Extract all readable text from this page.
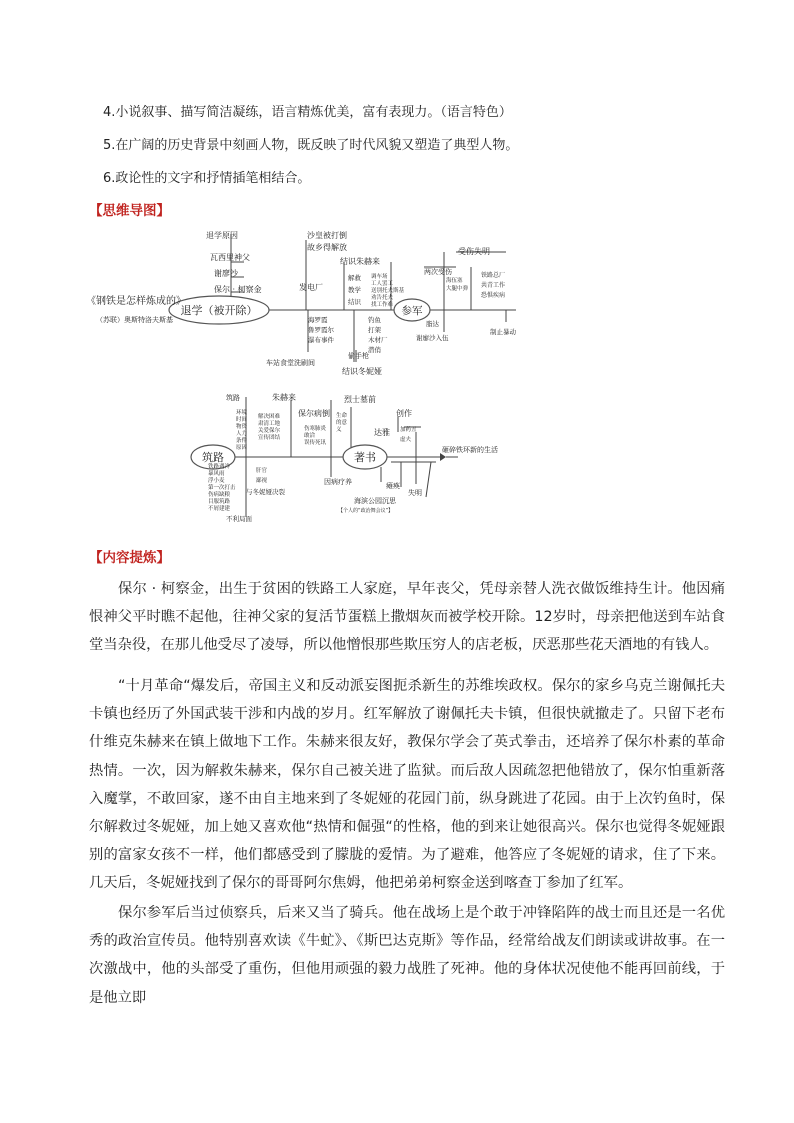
4.小说叙事、描写简洁凝练，语言精炼优美，富有表现力。（语言特色）
5.在广阔的历史背景中刻画人物，既反映了时代风貌又塑造了典型人物。
6.政论性的文字和抒情插笔相结合。
【思维导图】
退学（被开除）	参军
筑路	著书
《钢铁是怎样炼成的》
（苏联）奥斯特洛夫斯基
退学原因
瓦西里神父
谢廖沙
保尔 · 柯察金
沙皇被打倒
故乡得解放
发电厂
结识朱赫来
解救
教学
结识
调车场
工人罢工
送别托夫斯基
劝告托夫
找工作难
受伤失明
两次受伤
海伍塞
大腿中弹
铁路总厂
共青工作
恐惧疾病
脂达
谢廖沙入伍
制止暴动
海罗霞
鲁罗霞尔
瀑布事件
钓鱼
打架
木材厂
潜俏
车站食堂洗刷间
偷手枪
结识冬妮娅
筑路
环境
时间
物资
人力
条件
原因
朱赫来
解决困难
肃清工地
关爱保尔
宣传团结
保尔病倒
伤寒肺炎
敢洽
误传死讯
烈士墓前
生命
的意
义
铁路遇冷
暴风雨
浮小麦
第一次打击
伤病缺粮
目服筑路
不屑建建
肝官
鄙视
与冬妮娅决裂
不利局面
创作
加药丑
虚夫
达雅
失明
瘫痪
砸碎铁环新的生活
因病疗养
海滨公园沉思
【个人的“政治舞会议”】
【内容提炼】

保尔 · 柯察金，出生于贫困的铁路工人家庭，早年丧父，凭母亲替人洗衣做饭维持生计。他因痛恨神父平时瞧不起他，往神父家的复活节蛋糕上撒烟灰而被学校开除。12岁时，母亲把他送到车站食堂当杂役，在那儿他受尽了凌辱，所以他憎恨那些欺压穷人的店老板，厌恶那些花天酒地的有钱人。

“十月革命“爆发后，帝国主义和反动派妄图扼杀新生的苏维埃政权。保尔的家乡乌克兰谢佩托夫卡镇也经历了外国武装干涉和内战的岁月。红军解放了谢佩托夫卡镇，但很快就撤走了。只留下老布什维克朱赫来在镇上做地下工作。朱赫来很友好，教保尔学会了英式拳击，还培养了保尔朴素的革命热情。一次，因为解救朱赫来，保尔自己被关进了监狱。而后敌人因疏忽把他错放了，保尔怕重新落入魔掌，不敢回家，遂不由自主地来到了冬妮娅的花园门前，纵身跳进了花园。由于上次钓鱼时，保尔解救过冬妮娅，加上她又喜欢他“热情和倔强“的性格，他的到来让她很高兴。保尔也觉得冬妮娅跟别的富家女孩不一样，他们都感受到了朦胧的爱情。为了避难，他答应了冬妮娅的请求，住了下来。几天后，冬妮娅找到了保尔的哥哥阿尔焦姆，他把弟弟柯察金送到喀查丁参加了红军。

保尔参军后当过侦察兵，后来又当了骑兵。他在战场上是个敢于冲锋陷阵的战士而且还是一名优秀的政治宣传员。他特别喜欢读《牛虻》、《斯巴达克斯》等作品，经常给战友们朗读或讲故事。在一次激战中，他的头部受了重伤，但他用顽强的毅力战胜了死神。他的身体状况使他不能再回前线，于是他立即
